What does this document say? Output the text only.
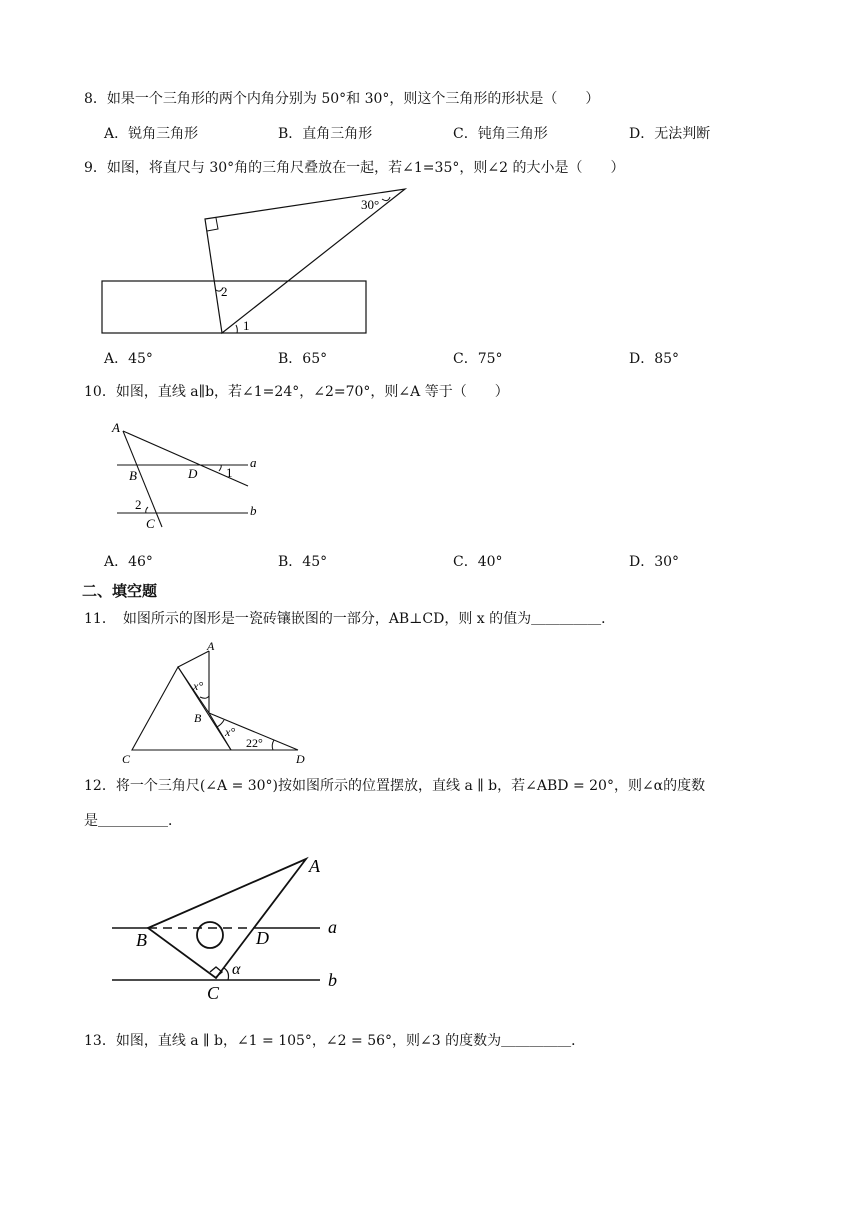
8．如果一个三角形的两个内角分别为 50°和 30°，则这个三角形的形状是（　　）
A．锐角三角形	B．直角三角形	C．钝角三角形	D．无法判断
9．如图，将直尺与 30°角的三角尺叠放在一起，若∠1=35°，则∠2 的大小是（　　）
30°
2
1
A．45°	B．65°	C．75°	D．85°
10．如图，直线 a∥b，若∠1=24°，∠2=70°，则∠A 等于（　　）
A
B	D 1
a
2	b
C
A．46°	B．45°	C．40°	D．30°
二、填空题
11．　如图所示的图形是一瓷砖镶嵌图的一部分，AB⊥CD，则 x 的值为＿＿＿＿＿．
A
x°
B
x°
22°
C	D
12．将一个三角尺(∠A = 30°)按如图所示的位置摆放，直线 a ∥ b，若∠ABD = 20°，则∠α的度数
是＿＿＿＿＿．
A
B	D
a
α
C
b
13．如图，直线 a ∥ b，∠1 = 105°，∠2 = 56°，则∠3 的度数为＿＿＿＿＿．
